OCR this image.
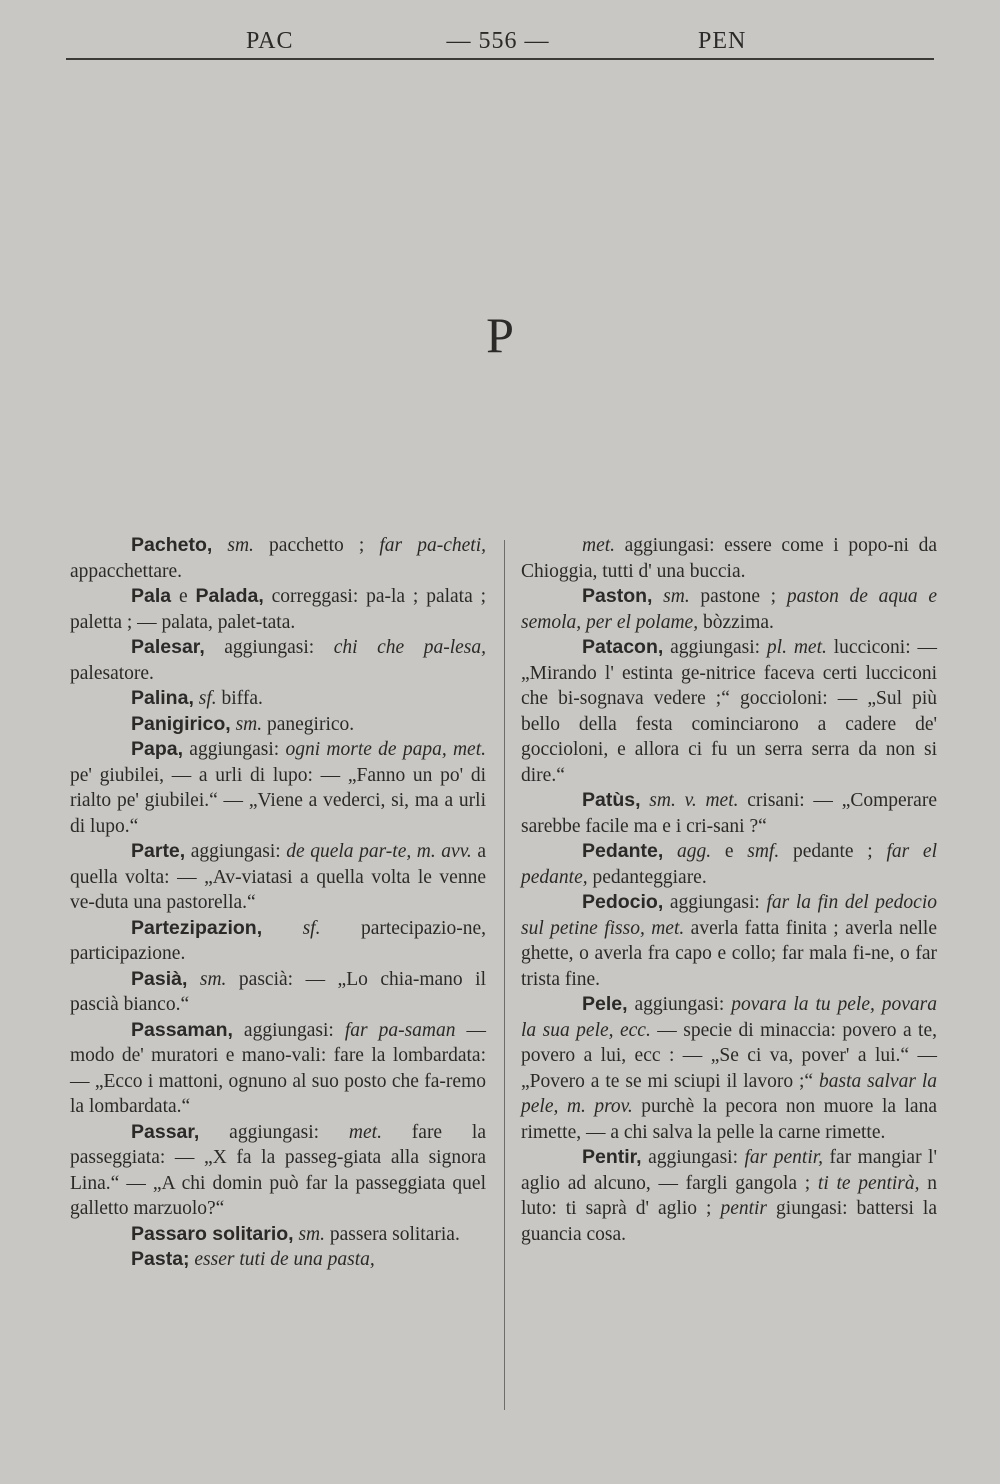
PAC	— 556 —	PEN
P

Pacheto, sm. pacchetto ; far pa-cheti, appacchettare.

Pala e Palada, correggasi: pa-la ; palata ; paletta ; — palata, palet-tata.

Palesar, aggiungasi: chi che pa-lesa, palesatore.

Palina, sf. biffa.

Panigirico, sm. panegirico.

Papa, aggiungasi: ogni morte de papa, met. pe' giubilei, — a urli di lupo: — „Fanno un po' di rialto pe' giubilei.“ — „Viene a vederci, si, ma a urli di lupo.“

Parte, aggiungasi: de quela par-te, m. avv. a quella volta: — „Av-viatasi a quella volta le venne ve-duta una pastorella.“

Partezipazion, sf. partecipazio-ne, participazione.

Pasià, sm. pascià: — „Lo chia-mano il pascià bianco.“

Passaman, aggiungasi: far pa-saman — modo de' muratori e mano-vali: fare la lombardata: — „Ecco i mattoni, ognuno al suo posto che fa-remo la lombardata.“

Passar, aggiungasi: met. fare la passeggiata: — „X fa la passeg-giata alla signora Lina.“ — „A chi domin può far la passeggiata quel galletto marzuolo?“

Passaro solitario, sm. passera solitaria.

Pasta; esser tuti de una pasta,

met. aggiungasi: essere come i popo-ni da Chioggia, tutti d' una buccia.

Paston, sm. pastone ; paston de aqua e semola, per el polame, bòzzima.

Patacon, aggiungasi: pl. met. lucciconi: — „Mirando l' estinta ge-nitrice faceva certi lucciconi che bi-sognava vedere ;“ goccioloni: — „Sul più bello della festa cominciarono a cadere de' goccioloni, e allora ci fu un serra serra da non si dire.“

Patùs, sm. v. met. crisani: — „Comperare sarebbe facile ma e i cri-sani ?“

Pedante, agg. e smf. pedante ; far el pedante, pedanteggiare.

Pedocio, aggiungasi: far la fin del pedocio sul petine fisso, met. averla fatta finita ; averla nelle ghette, o averla fra capo e collo; far mala fi-ne, o far trista fine.

Pele, aggiungasi: povara la tu pele, povara la sua pele, ecc. — specie di minaccia: povero a te, povero a lui, ecc : — „Se ci va, pover' a lui.“ — „Povero a te se mi sciupi il lavoro ;“ basta salvar la pele, m. prov. purchè la pecora non muore la lana rimette, — a chi salva la pelle la carne rimette.

Pentir, aggiungasi: far pentir, far mangiar l' aglio ad alcuno, — fargli gangola ; ti te pentirà, n luto: ti saprà d' aglio ; pentir giungasi: battersi la guancia cosa.
